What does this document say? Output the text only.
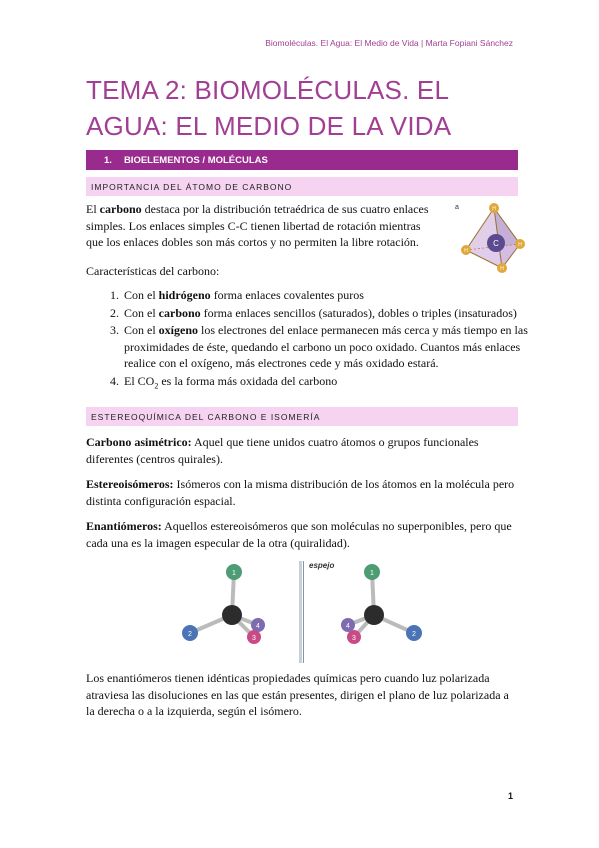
Biomoléculas. El Agua: El Medio de Vida | Marta Fopiani Sánchez
TEMA 2: BIOMOLÉCULAS. EL AGUA: EL MEDIO DE LA VIDA
1. BIOELEMENTOS / MOLÉCULAS
IMPORTANCIA DEL ÁTOMO DE CARBONO

El carbono destaca por la distribución tetraédrica de sus cuatro enlaces simples. Los enlaces simples C-C tienen libertad de rotación mientras que los enlaces dobles son más cortos y no permiten la libre rotación.

a
C
H
H
H
H

Características del carbono:

1. Con el hidrógeno forma enlaces covalentes puros
2. Con el carbono forma enlaces sencillos (saturados), dobles o triples (insaturados)
3. Con el oxígeno los electrones del enlace permanecen más cerca y más tiempo en las proximidades de éste, quedando el carbono un poco oxidado. Cuantos más enlaces realice con el oxígeno, más electrones cede y más oxidado estará.
4. El $CO_2$ es la forma más oxidada del carbono
ESTEREOQUÍMICA DEL CARBONO E ISOMERÍA

Carbono asimétrico: Aquel que tiene unidos cuatro átomos o grupos funcionales diferentes (centros quirales).

Estereoisómeros: Isómeros con la misma distribución de los átomos en la molécula pero distinta configuración espacial.

Enantiómeros: Aquellos estereoisómeros que son moléculas no superponibles, pero que cada una es la imagen especular de la otra (quiralidad).

1
2
4
3
espejo
1
2
4
3

Los enantiómeros tienen idénticas propiedades químicas pero cuando luz polarizada atraviesa las disoluciones en las que están presentes, dirigen el plano de luz polarizada a la derecha o a la izquierda, según el isómero.

1
